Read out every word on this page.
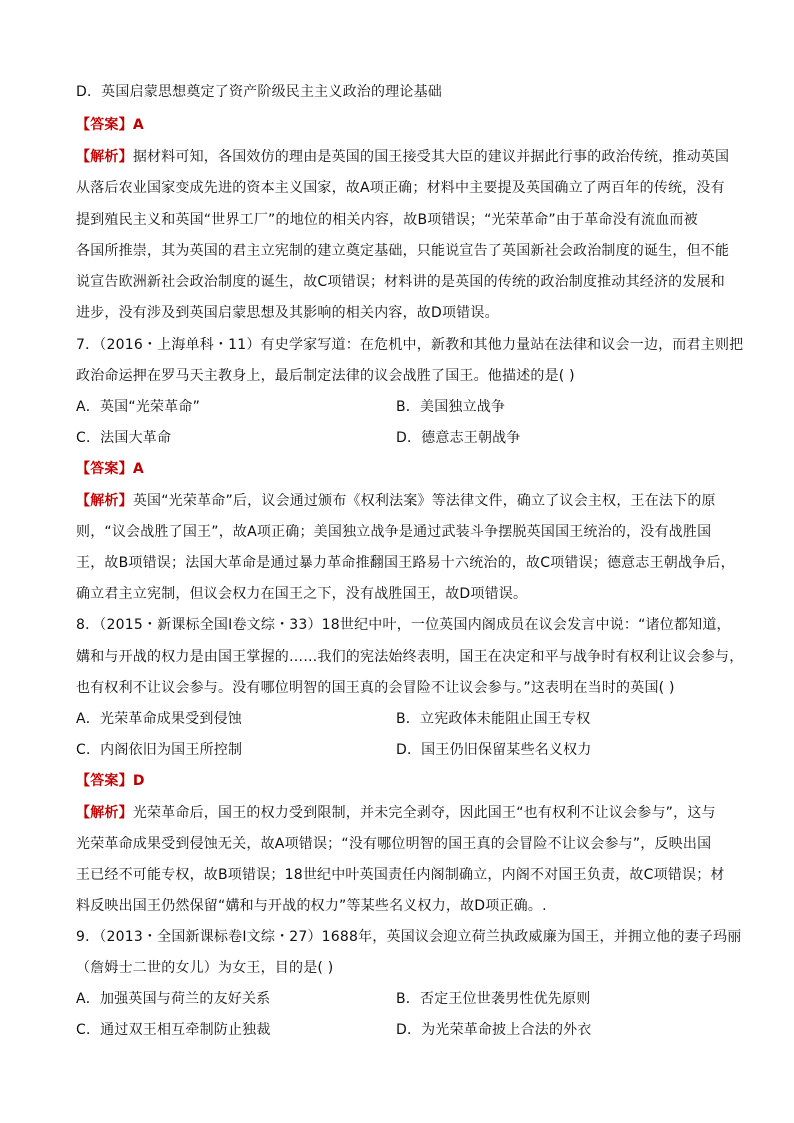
D．英国启蒙思想奠定了资产阶级民主主义政治的理论基础
【答案】A
【解析】据材料可知，各国效仿的理由是英国的国王接受其大臣的建议并据此行事的政治传统，推动英国
从落后农业国家变成先进的资本主义国家，故A项正确；材料中主要提及英国确立了两百年的传统，没有
提到殖民主义和英国“世界工厂”的地位的相关内容，故B项错误；“光荣革命”由于革命没有流血而被
各国所推崇，其为英国的君主立宪制的建立奠定基础，只能说宣告了英国新社会政治制度的诞生，但不能
说宣告欧洲新社会政治制度的诞生，故C项错误；材料讲的是英国的传统的政治制度推动其经济的发展和
进步，没有涉及到英国启蒙思想及其影响的相关内容，故D项错误。
7．（2016・上海单科・11）有史学家写道：在危机中，新教和其他力量站在法律和议会一边，而君主则把
政治命运押在罗马天主教身上，最后制定法律的议会战胜了国王。他描述的是( )
A．英国“光荣革命”	B．美国独立战争
C．法国大革命	D．德意志王朝战争
【答案】A
【解析】英国“光荣革命”后，议会通过颁布《权利法案》等法律文件，确立了议会主权，王在法下的原
则，“议会战胜了国王”，故A项正确；美国独立战争是通过武装斗争摆脱英国国王统治的，没有战胜国
王，故B项错误；法国大革命是通过暴力革命推翻国王路易十六统治的，故C项错误；德意志王朝战争后，
确立君主立宪制，但议会权力在国王之下，没有战胜国王，故D项错误。
8．（2015・新课标全国Ⅰ卷文综・33）18世纪中叶，一位英国内阁成员在议会发言中说：“诸位都知道，
媾和与开战的权力是由国王掌握的……我们的宪法始终表明，国王在决定和平与战争时有权利让议会参与，
也有权利不让议会参与。没有哪位明智的国王真的会冒险不让议会参与。”这表明在当时的英国( )
A．光荣革命成果受到侵蚀	B．立宪政体未能阻止国王专权
C．内阁依旧为国王所控制	D．国王仍旧保留某些名义权力
【答案】D
【解析】光荣革命后，国王的权力受到限制，并未完全剥夺，因此国王“也有权利不让议会参与”，这与
光荣革命成果受到侵蚀无关，故A项错误；“没有哪位明智的国王真的会冒险不让议会参与”，反映出国
王已经不可能专权，故B项错误；18世纪中叶英国责任内阁制确立，内阁不对国王负责，故C项错误；材
料反映出国王仍然保留“媾和与开战的权力”等某些名义权力，故D项正确。.
9．（2013・全国新课标卷Ⅰ文综・27）1688年，英国议会迎立荷兰执政威廉为国王，并拥立他的妻子玛丽
（詹姆士二世的女儿）为女王，目的是( )
A．加强英国与荷兰的友好关系	B．否定王位世袭男性优先原则
C．通过双王相互牵制防止独裁	D．为光荣革命披上合法的外衣
